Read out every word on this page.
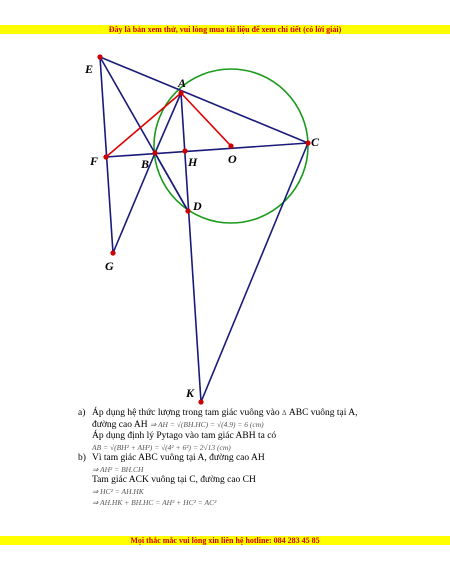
Đây là bản xem thử, vui lòng mua tài liệu để xem chi tiết (có lời giải)
E
A
C
F	B	H	O
D
G
K
a) Áp dụng hệ thức lượng trong tam giác vuông vào Δ ABC vuông tại A,
đường cao AH ⇒ AH = √(BH.HC) = √(4.9) = 6 (cm)
Áp dụng định lý Pytago vào tam giác ABH ta có
AB = √(BH² + AH²) = √(4² + 6²) = 2√13 (cm)
b) Vì tam giác ABC vuông tại A, đường cao AH
⇒ AH² = BH.CH
Tam giác ACK vuông tại C, đường cao CH
⇒ HC² = AH.HK
⇒ AH.HK + BH.HC = AH² + HC² = AC²
Mọi thắc mắc vui lòng xin liên hệ hotline: 084 283 45 85
